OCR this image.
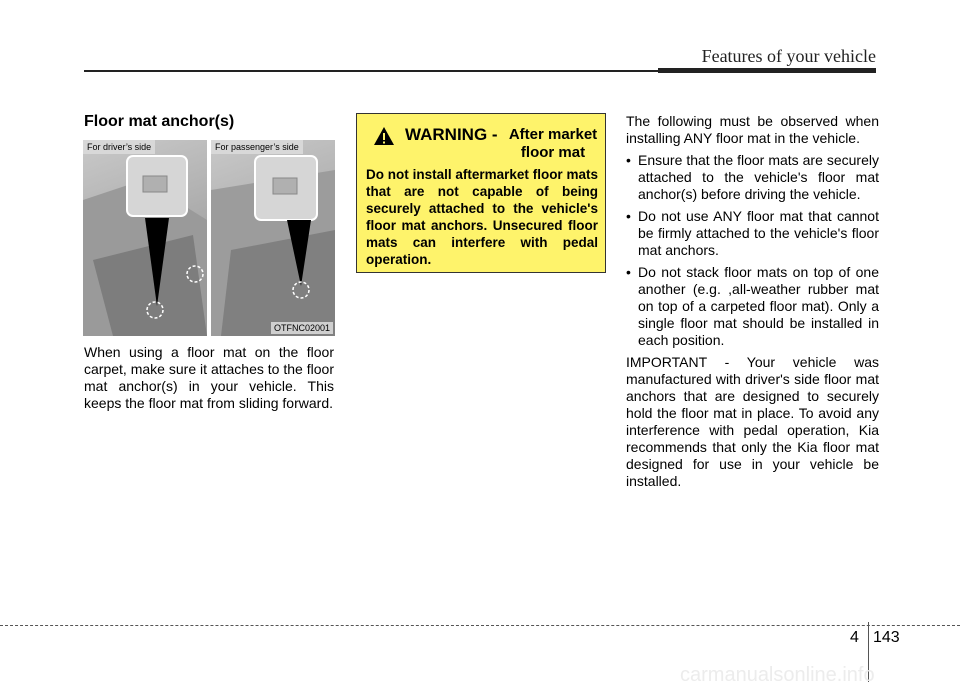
Features of your vehicle
Floor mat anchor(s)
For driver’s side	For passenger’s side
OTFNC02001
When using a floor mat on the floor carpet, make sure it attaches to the floor mat anchor(s) in your vehicle. This keeps the floor mat from sliding forward.
WARNING - After market floor mat
Do not install aftermarket floor mats that are not capable of being securely attached to the vehicle's floor mat anchors. Unsecured floor mats can interfere with pedal operation.

The following must be observed when installing ANY floor mat in the vehicle.

• Ensure that the floor mats are securely attached to the vehicle's floor mat anchor(s) before driving the vehicle.
• Do not use ANY floor mat that cannot be firmly attached to the vehicle's floor mat anchors.
• Do not stack floor mats on top of one another (e.g. ,all-weather rubber mat on top of a carpeted floor mat). Only a single floor mat should be installed in each position.

IMPORTANT - Your vehicle was manufactured with driver's side floor mat anchors that are designed to securely hold the floor mat in place. To avoid any interference with pedal operation, Kia recommends that only the Kia floor mat designed for use in your vehicle be installed.

4 143
carmanualsonline.info
